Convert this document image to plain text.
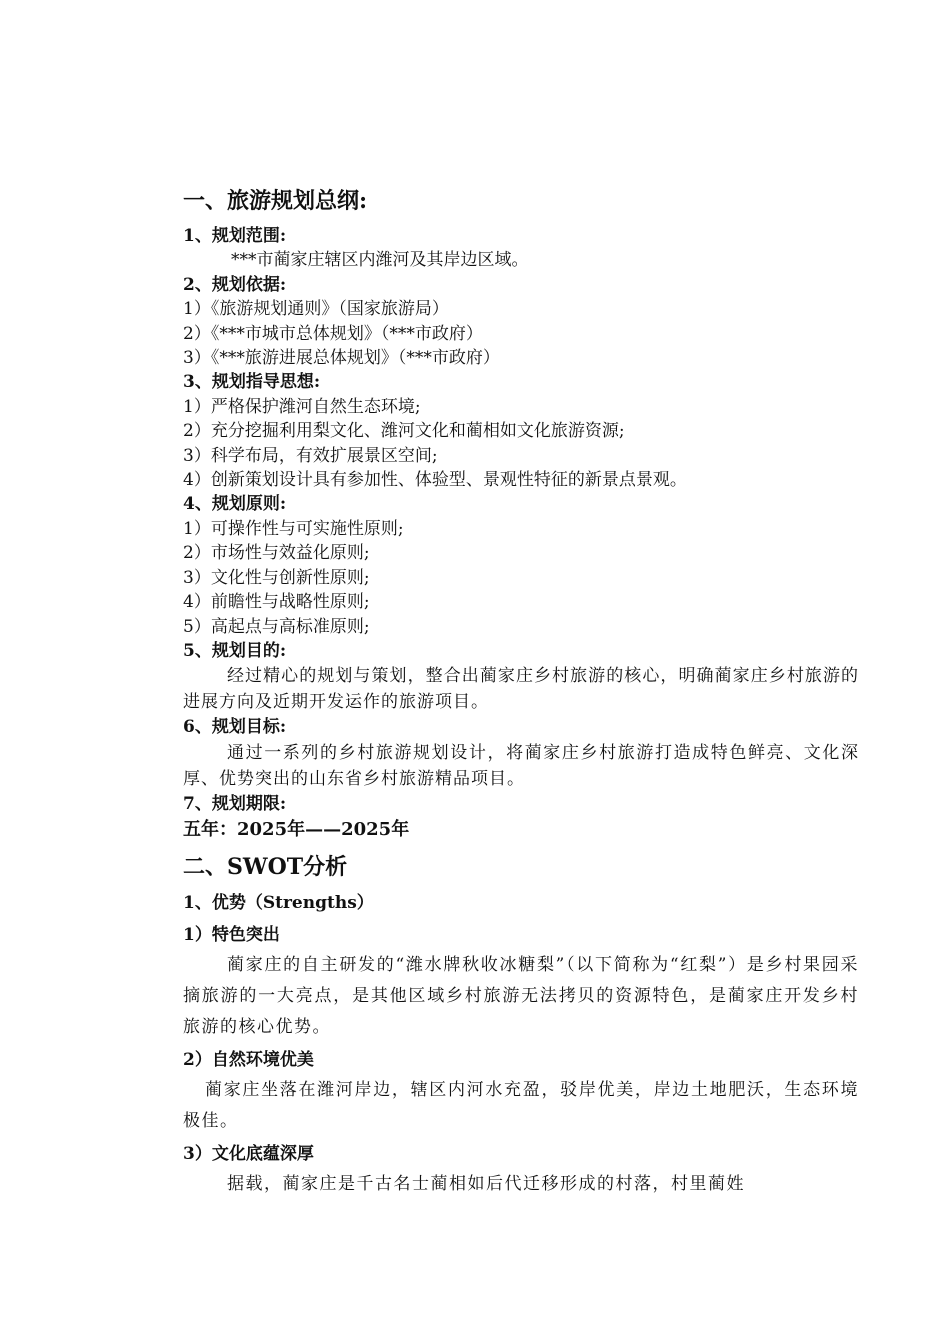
一、旅游规划总纲:
1、规划范围:
***市蔺家庄辖区内潍河及其岸边区域。
2、规划依据:
1）《旅游规划通则》（国家旅游局）
2）《***市城市总体规划》（***市政府）
3）《***旅游进展总体规划》（***市政府）
3、规划指导思想:
1）严格保护潍河自然生态环境;
2）充分挖掘利用梨文化、潍河文化和蔺相如文化旅游资源;
3）科学布局，有效扩展景区空间;
4）创新策划设计具有参加性、体验型、景观性特征的新景点景观。
4、规划原则:
1）可操作性与可实施性原则;
2）市场性与效益化原则;
3）文化性与创新性原则;
4）前瞻性与战略性原则;
5）高起点与高标准原则;
5、规划目的:
经过精心的规划与策划，整合出蔺家庄乡村旅游的核心，明确蔺家庄乡村旅游的进展方向及近期开发运作的旅游项目。
6、规划目标:
通过一系列的乡村旅游规划设计，将蔺家庄乡村旅游打造成特色鲜亮、文化深厚、优势突出的山东省乡村旅游精品项目。
7、规划期限:
五年：2025年——2025年
二、SWOT分析
1、优势（Strengths）
1）特色突出
蔺家庄的自主研发的“潍水牌秋收冰糖梨”（以下简称为“红梨”）是乡村果园采摘旅游的一大亮点，是其他区域乡村旅游无法拷贝的资源特色，是蔺家庄开发乡村旅游的核心优势。
2）自然环境优美
蔺家庄坐落在潍河岸边，辖区内河水充盈，驳岸优美，岸边土地肥沃，生态环境极佳。
3）文化底蕴深厚
据载，蔺家庄是千古名士蔺相如后代迁移形成的村落，村里蔺姓
